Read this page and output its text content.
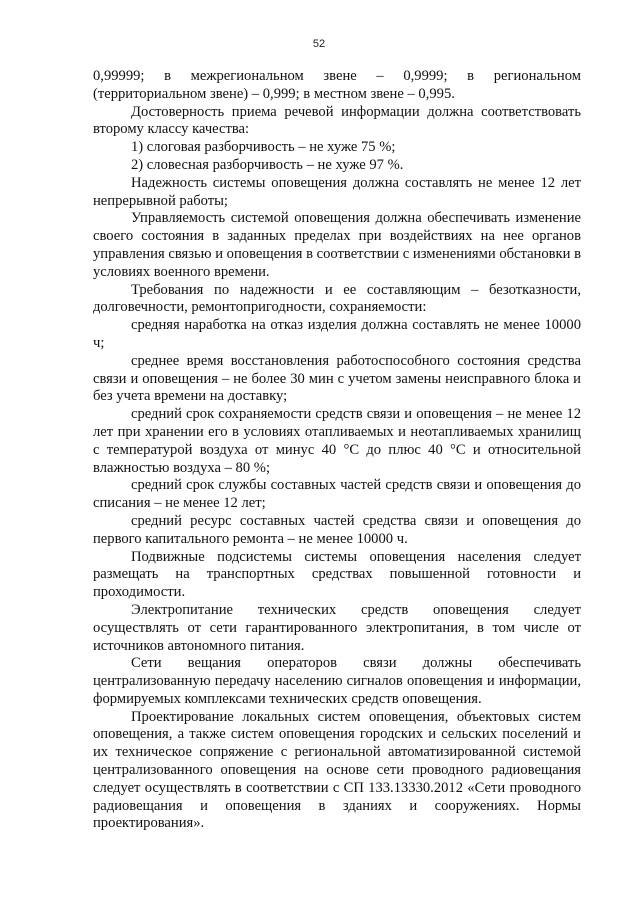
52

0,99999; в межрегиональном звене – 0,9999; в региональном (территориальном звене) – 0,999; в местном звене – 0,995.

Достоверность приема речевой информации должна соответствовать второму классу качества:

1) слоговая разборчивость – не хуже 75 %;

2) словесная разборчивость – не хуже 97 %.

Надежность системы оповещения должна составлять не менее 12 лет непрерывной работы;

Управляемость системой оповещения должна обеспечивать изменение своего состояния в заданных пределах при воздействиях на нее органов управления связью и оповещения в соответствии с изменениями обстановки в условиях военного времени.

Требования по надежности и ее составляющим – безотказности, долговечности, ремонтопригодности, сохраняемости:

средняя наработка на отказ изделия должна составлять не менее 10000 ч;

среднее время восстановления работоспособного состояния средства связи и оповещения – не более 30 мин с учетом замены неисправного блока и без учета времени на доставку;

средний срок сохраняемости средств связи и оповещения – не менее 12 лет при хранении его в условиях отапливаемых и неотапливаемых хранилищ с температурой воздуха от минус 40 °С до плюс 40 °С и относительной влажностью воздуха – 80 %;

средний срок службы составных частей средств связи и оповещения до списания – не менее 12 лет;

средний ресурс составных частей средства связи и оповещения до первого капитального ремонта – не менее 10000 ч.

Подвижные подсистемы системы оповещения населения следует размещать на транспортных средствах повышенной готовности и проходимости.

Электропитание технических средств оповещения следует осуществлять от сети гарантированного электропитания, в том числе от источников автономного питания.

Сети вещания операторов связи должны обеспечивать централизованную передачу населению сигналов оповещения и информации, формируемых комплексами технических средств оповещения.

Проектирование локальных систем оповещения, объектовых систем оповещения, а также систем оповещения городских и сельских поселений и их техническое сопряжение с региональной автоматизированной системой централизованного оповещения на основе сети проводного радиовещания следует осуществлять в соответствии с СП 133.13330.2012 «Сети проводного радиовещания и оповещения в зданиях и сооружениях. Нормы проектирования».
